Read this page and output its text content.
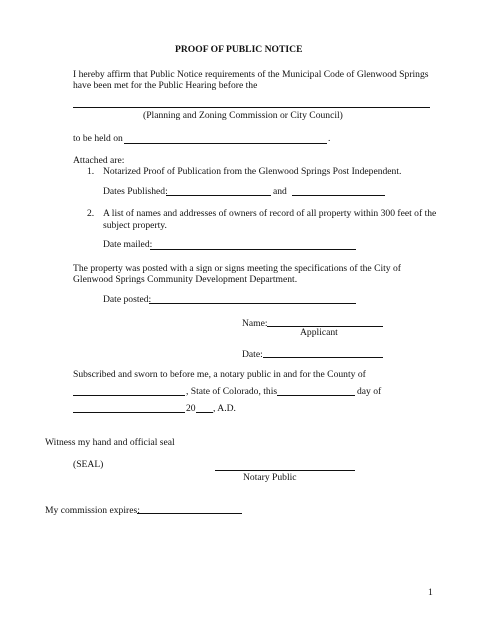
PROOF OF PUBLIC NOTICE
I hereby affirm that Public Notice requirements of the Municipal Code of Glenwood Springs
have been met for the Public Hearing before the
(Planning and Zoning Commission or City Council)
to be held on	.
Attached are:
1. Notarized Proof of Publication from the Glenwood Springs Post Independent.
Dates Published:	and
2. A list of names and addresses of owners of record of all property within 300 feet of the
subject property.
Date mailed:
The property was posted with a sign or signs meeting the specifications of the City of
Glenwood Springs Community Development Department.
Date posted:
Name:
Applicant
Date:
Subscribed and sworn to before me, a notary public in and for the County of
, State of Colorado, this	day of
20 , A.D.
Witness my hand and official seal
(SEAL)
Notary Public
My commission expires:
1
